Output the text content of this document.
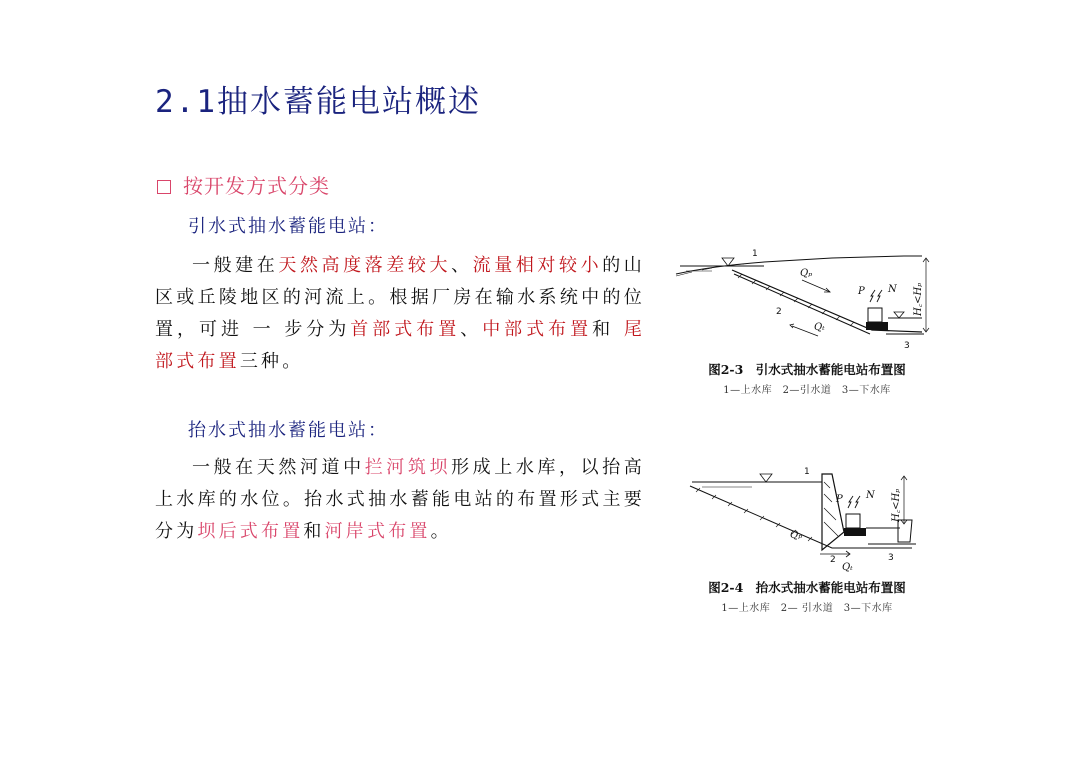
2.1抽水蓄能电站概述
按开发方式分类
引水式抽水蓄能电站：

一般建在天然高度落差较大、流量相对较小的山区或丘陵地区的河流上。根据厂房在输水系统中的位置，可进 一 步分为首部式布置、中部式布置和 尾部式布置三种。

抬水式抽水蓄能电站：

一般在天然河道中拦河筑坝形成上水库，以抬高上水库的水位。抬水式抽水蓄能电站的布置形式主要分为坝后式布置和河岸式布置。

1
2
3
Qₚ
Qₜ
P N H꜀<Hₚ
图2-3　引水式抽水蓄能电站布置图
1—上水库　2—引水道　3—下水库
1
2	3
Qₚ
Qₜ
P N H꜀<Hₚ
图2-4　抬水式抽水蓄能电站布置图
1—上水库　2— 引水道　3—下水库
